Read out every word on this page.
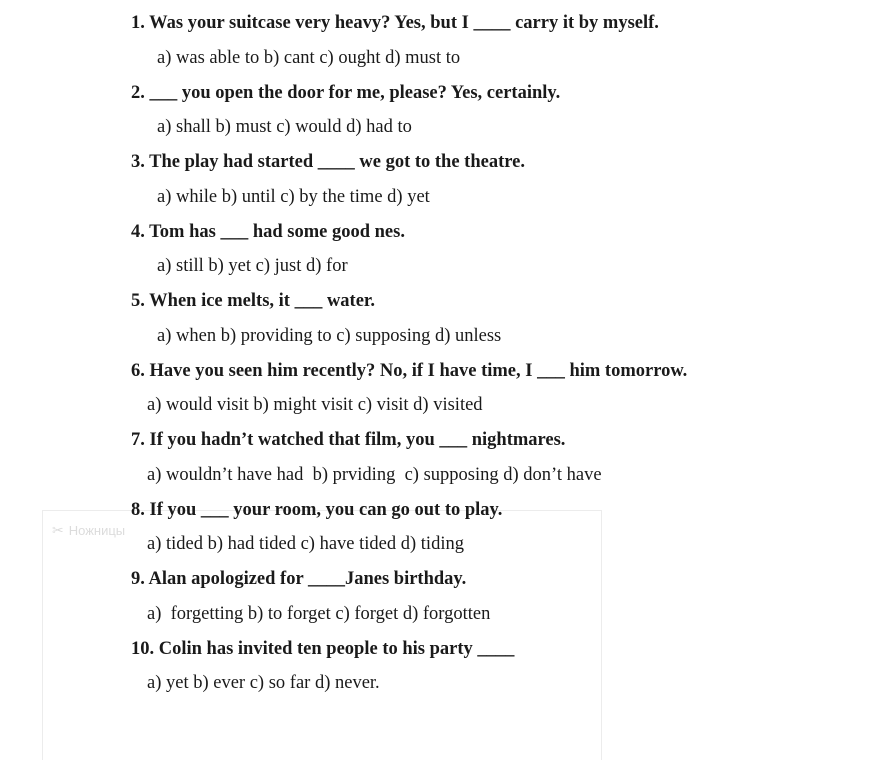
✂ Ножницы
1. Was your suitcase very heavy? Yes, but I ____ carry it by myself.
a) was able to b) cant c) ought d) must to
2. ___ you open the door for me, please? Yes, certainly.
a) shall b) must c) would d) had to
3. The play had started ____ we got to the theatre.
a) while b) until c) by the time d) yet
4. Tom has ___ had some good nes.
a) still b) yet c) just d) for
5. When ice melts, it ___ water.
a) when b) providing to c) supposing d) unless
6. Have you seen him recently? No, if I have time, I ___ him tomorrow.
a) would visit b) might visit c) visit d) visited
7. If you hadn’t watched that film, you ___ nightmares.
a) wouldn’t have had  b) prviding  c) supposing d) don’t have
8. If you ___ your room, you can go out to play.
a) tided b) had tided c) have tided d) tiding
9. Alan apologized for ____Janes birthday.
a)  forgetting b) to forget c) forget d) forgotten
10. Colin has invited ten people to his party ____
a) yet b) ever c) so far d) never.
